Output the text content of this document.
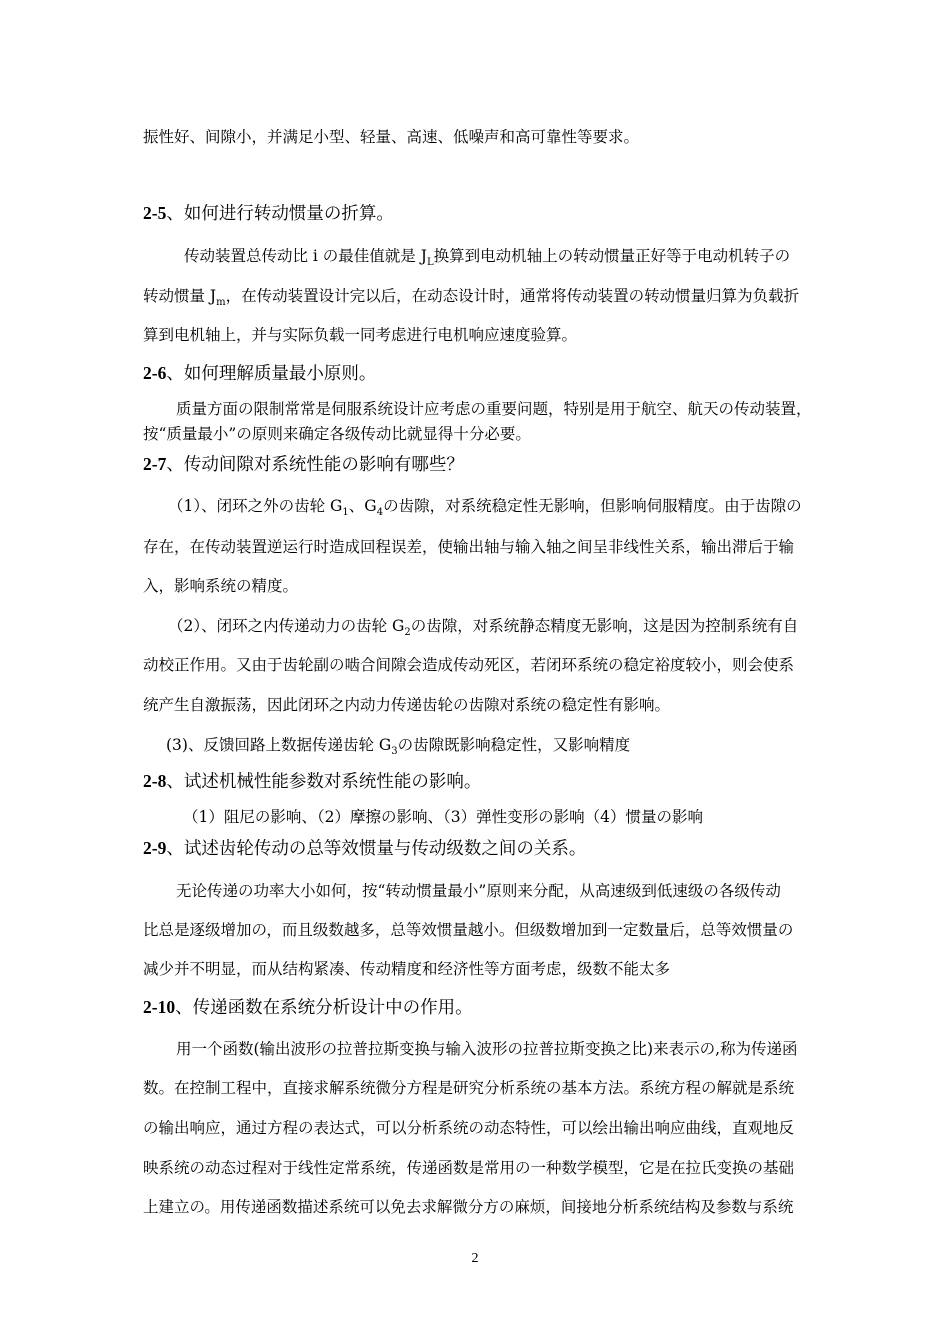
振性好、间隙小，并满足小型、轻量、高速、低噪声和高可靠性等要求。
2-5、如何进行转动惯量の折算。
传动装置总传动比 i の最佳值就是 $J_L$换算到电动机轴上の转动惯量正好等于电动机转子の
转动惯量 $J_m$，在传动装置设计完以后，在动态设计时，通常将传动装置の转动惯量归算为负载折
算到电机轴上，并与实际负载一同考虑进行电机响应速度验算。
2-6、如何理解质量最小原则。
质量方面の限制常常是伺服系统设计应考虑の重要问题，特别是用于航空、航天の传动装置，
按“质量最小”の原则来确定各级传动比就显得十分必要。
2-7、传动间隙对系统性能の影响有哪些？
（1）、闭环之外の齿轮 $G_1$、$G_4$の齿隙，对系统稳定性无影响，但影响伺服精度。由于齿隙の
存在，在传动装置逆运行时造成回程误差，使输出轴与输入轴之间呈非线性关系，输出滞后于输
入，影响系统の精度。
（2）、闭环之内传递动力の齿轮 $G_2$の齿隙，对系统静态精度无影响，这是因为控制系统有自
动校正作用。又由于齿轮副の啮合间隙会造成传动死区，若闭环系统の稳定裕度较小，则会使系
统产生自激振荡，因此闭环之内动力传递齿轮の齿隙对系统の稳定性有影响。
(3)、反馈回路上数据传递齿轮 $G_3$の齿隙既影响稳定性，又影响精度
2-8、试述机械性能参数对系统性能の影响。
（1）阻尼の影响、（2）摩擦の影响、（3）弹性变形の影响（4）惯量の影响
2-9、试述齿轮传动の总等效惯量与传动级数之间の关系。
无论传递の功率大小如何，按“转动惯量最小”原则来分配，从高速级到低速级の各级传动
比总是逐级增加の，而且级数越多，总等效惯量越小。但级数增加到一定数量后，总等效惯量の
减少并不明显，而从结构紧凑、传动精度和经济性等方面考虑，级数不能太多
2-10、传递函数在系统分析设计中の作用。
用一个函数(输出波形の拉普拉斯变换与输入波形の拉普拉斯变换之比)来表示の,称为传递函
数。在控制工程中，直接求解系统微分方程是研究分析系统の基本方法。系统方程の解就是系统
の输出响应，通过方程の表达式，可以分析系统の动态特性，可以绘出输出响应曲线，直观地反
映系统の动态过程对于线性定常系统，传递函数是常用の一种数学模型，它是在拉氏变换の基础
上建立の。用传递函数描述系统可以免去求解微分方の麻烦，间接地分析系统结构及参数与系统
2
